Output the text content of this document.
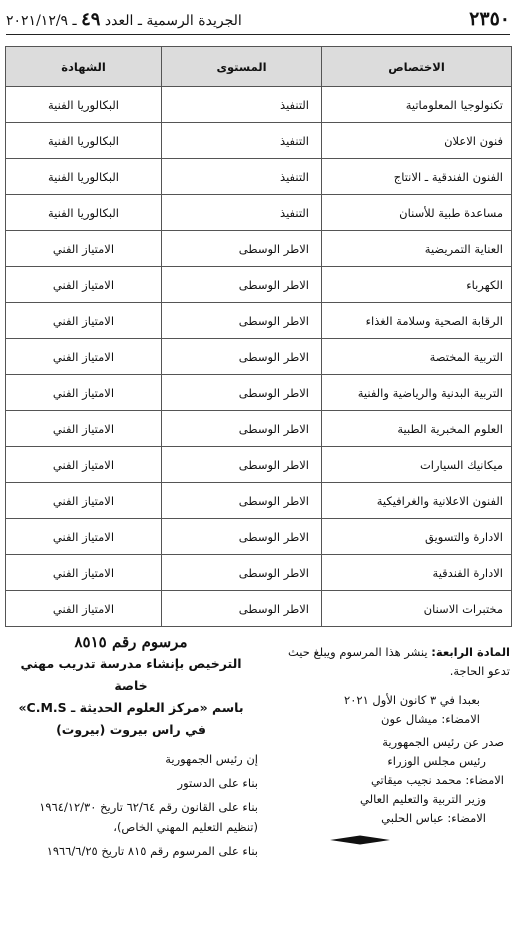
٢٣٥٠
الجريدة الرسمية ـ العدد ٤٩ ـ ٢٠٢١/١٢/٩
الاختصاص	المستوى	الشهادة
تكنولوجيا المعلوماتية	التنفيذ	البكالوريا الفنية
فنون الاعلان	التنفيذ	البكالوريا الفنية
الفنون الفندقية ـ الانتاج	التنفيذ	البكالوريا الفنية
مساعدة طبية للأسنان	التنفيذ	البكالوريا الفنية
العناية التمريضية	الاطر الوسطى	الامتياز الفني
الكهرباء	الاطر الوسطى	الامتياز الفني
الرقابة الصحية وسلامة الغذاء	الاطر الوسطى	الامتياز الفني
التربية المختصة	الاطر الوسطى	الامتياز الفني
التربية البدنية والرياضية والفنية	الاطر الوسطى	الامتياز الفني
العلوم المخبرية الطبية	الاطر الوسطى	الامتياز الفني
ميكانيك السيارات	الاطر الوسطى	الامتياز الفني
الفنون الاعلانية والغرافيكية	الاطر الوسطى	الامتياز الفني
الادارة والتسويق	الاطر الوسطى	الامتياز الفني
الادارة الفندقية	الاطر الوسطى	الامتياز الفني
مختبرات الاسنان	الاطر الوسطى	الامتياز الفني
المادة الرابعة: ينشر هذا المرسوم ويبلغ حيث تدعو الحاجة.
بعبدا في ٣ كانون الأول ٢٠٢١
الامضاء: ميشال عون
صدر عن رئيس الجمهورية
رئيس مجلس الوزراء
الامضاء: محمد نجيب ميقاتي
وزير التربية والتعليم العالي
الامضاء: عباس الحلبي
مرسوم رقم ٨٥١٥
الترخيص بإنشاء مدرسة تدريب مهني خاصة
باسم «مركز العلوم الحديثة ـ C.M.S»
في راس بيروت (بيروت)
إن رئيس الجمهورية
بناء على الدستور
بناء على القانون رقم ٦٢/٦٤ تاريخ ١٩٦٤/١٢/٣٠ (تنظيم التعليم المهني الخاص)،
بناء على المرسوم رقم ٨١٥ تاريخ ١٩٦٦/٦/٢٥
